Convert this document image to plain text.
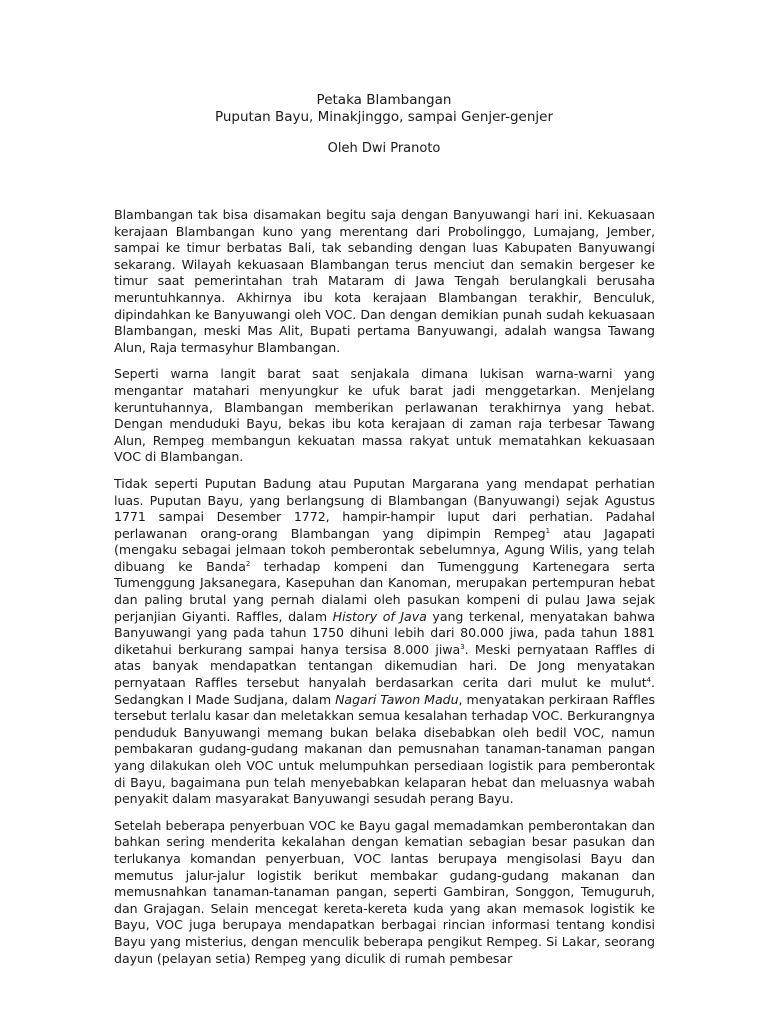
Petaka Blambangan
Puputan Bayu, Minakjinggo, sampai Genjer-genjer

Oleh Dwi Pranoto

Blambangan tak bisa disamakan begitu saja dengan Banyuwangi hari ini. Kekuasaan kerajaan Blambangan kuno yang merentang dari Probolinggo, Lumajang, Jember, sampai ke timur berbatas Bali, tak sebanding dengan luas Kabupaten Banyuwangi sekarang. Wilayah kekuasaan Blambangan terus menciut dan semakin bergeser ke timur saat pemerintahan trah Mataram di Jawa Tengah berulangkali berusaha meruntuhkannya. Akhirnya ibu kota kerajaan Blambangan terakhir, Benculuk, dipindahkan ke Banyuwangi oleh VOC. Dan dengan demikian punah sudah kekuasaan Blambangan, meski Mas Alit, Bupati pertama Banyuwangi, adalah wangsa Tawang Alun, Raja termasyhur Blambangan.

Seperti warna langit barat saat senjakala dimana lukisan warna-warni yang mengantar matahari menyungkur ke ufuk barat jadi menggetarkan. Menjelang keruntuhannya, Blambangan memberikan perlawanan terakhirnya yang hebat. Dengan menduduki Bayu, bekas ibu kota kerajaan di zaman raja terbesar Tawang Alun, Rempeg membangun kekuatan massa rakyat untuk mematahkan kekuasaan VOC di Blambangan.

Tidak seperti Puputan Badung atau Puputan Margarana yang mendapat perhatian luas. Puputan Bayu, yang berlangsung di Blambangan (Banyuwangi) sejak Agustus 1771 sampai Desember 1772, hampir-hampir luput dari perhatian. Padahal perlawanan orang-orang Blambangan yang dipimpin Rempeg$^1$ atau Jagapati (mengaku sebagai jelmaan tokoh pemberontak sebelumnya, Agung Wilis, yang telah dibuang ke Banda$^2$ terhadap kompeni dan Tumenggung Kartenegara serta Tumenggung Jaksanegara, Kasepuhan dan Kanoman, merupakan pertempuran hebat dan paling brutal yang pernah dialami oleh pasukan kompeni di pulau Jawa sejak perjanjian Giyanti. Raffles, dalam History of Java yang terkenal, menyatakan bahwa Banyuwangi yang pada tahun 1750 dihuni lebih dari 80.000 jiwa, pada tahun 1881 diketahui berkurang sampai hanya tersisa 8.000 jiwa$^3$. Meski pernyataan Raffles di atas banyak mendapatkan tentangan dikemudian hari. De Jong menyatakan pernyataan Raffles tersebut hanyalah berdasarkan cerita dari mulut ke mulut$^4$. Sedangkan I Made Sudjana, dalam Nagari Tawon Madu, menyatakan perkiraan Raffles tersebut terlalu kasar dan meletakkan semua kesalahan terhadap VOC. Berkurangnya penduduk Banyuwangi memang bukan belaka disebabkan oleh bedil VOC, namun pembakaran gudang-gudang makanan dan pemusnahan tanaman-tanaman pangan yang dilakukan oleh VOC untuk melumpuhkan persediaan logistik para pemberontak di Bayu, bagaimana pun telah menyebabkan kelaparan hebat dan meluasnya wabah penyakit dalam masyarakat Banyuwangi sesudah perang Bayu.

Setelah beberapa penyerbuan VOC ke Bayu gagal memadamkan pemberontakan dan bahkan sering menderita kekalahan dengan kematian sebagian besar pasukan dan terlukanya komandan penyerbuan, VOC lantas berupaya mengisolasi Bayu dan memutus jalur-jalur logistik berikut membakar gudang-gudang makanan dan memusnahkan tanaman-tanaman pangan, seperti Gambiran, Songgon, Temuguruh, dan Grajagan. Selain mencegat kereta-kereta kuda yang akan memasok logistik ke Bayu, VOC juga berupaya mendapatkan berbagai rincian informasi tentang kondisi Bayu yang misterius, dengan menculik beberapa pengikut Rempeg. Si Lakar, seorang dayun (pelayan setia) Rempeg yang diculik di rumah pembesar
